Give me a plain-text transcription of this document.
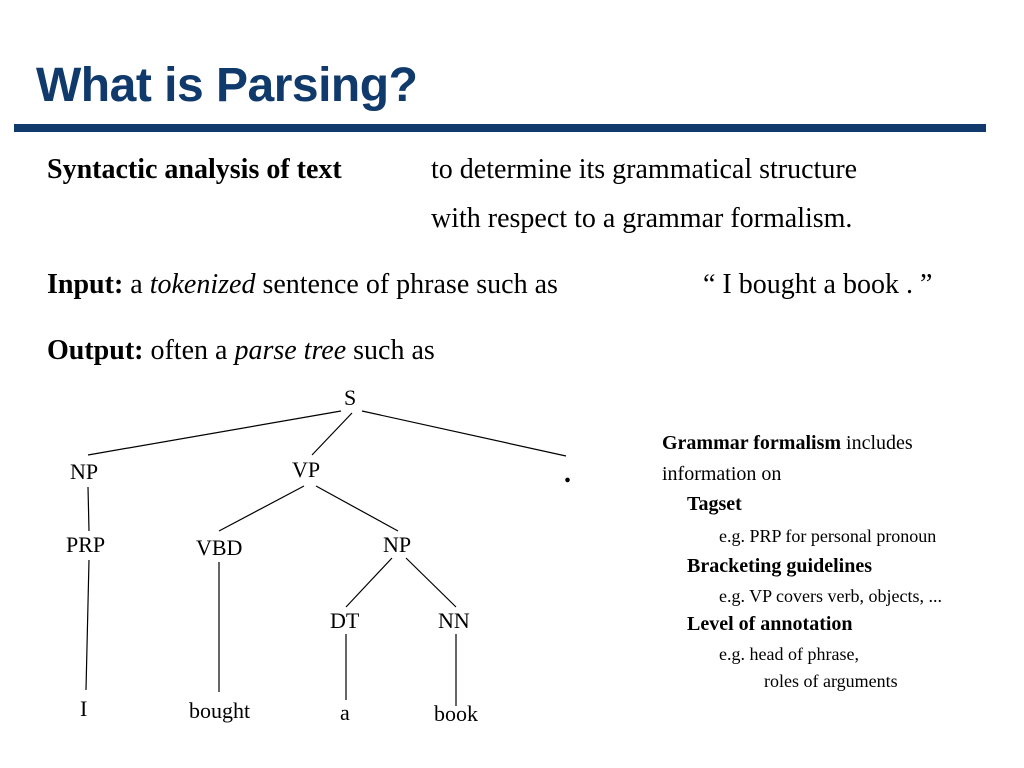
What is Parsing?
Syntactic analysis of text	to determine its grammatical structure
with respect to a grammar formalism.
Input: a tokenized sentence of phrase such as	“ I bought a book . ”
Output: often a parse tree such as
S
NP	VP	.
PRP	VBD	NP
DT	NN
I	bought	a	book
Grammar formalism includes
information on
Tagset
e.g. PRP for personal pronoun
Bracketing guidelines
e.g. VP covers verb, objects, ...
Level of annotation
e.g. head of phrase,
roles of arguments
